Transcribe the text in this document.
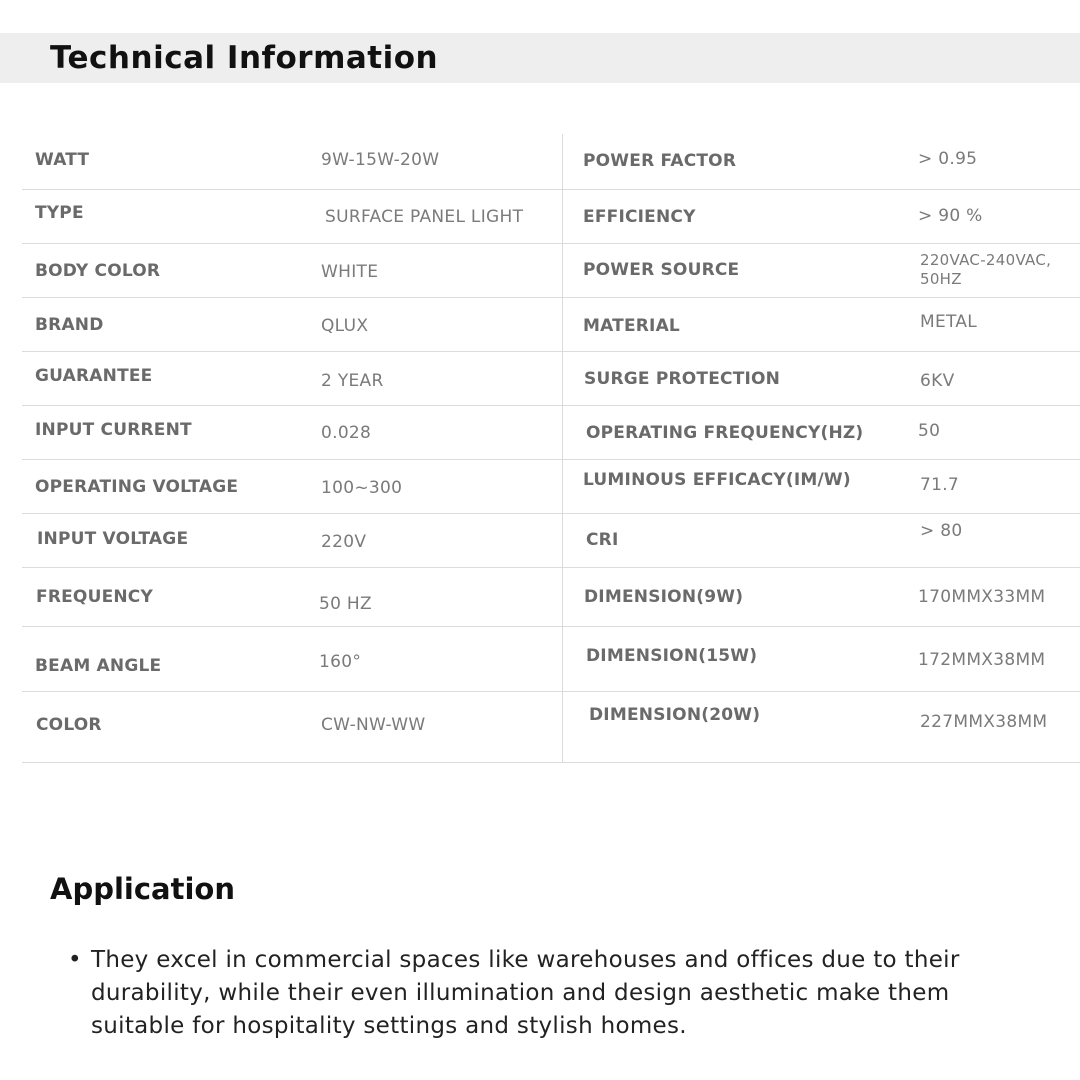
Technical Information
WATT	9W-15W-20W	POWER FACTOR	> 0.95
TYPE	SURFACE PANEL LIGHT	EFFICIENCY	> 90 %
BODY COLOR	WHITE	POWER SOURCE	220VAC-240VAC, 50HZ
BRAND	QLUX	MATERIAL	METAL
GUARANTEE	2 YEAR	SURGE PROTECTION	6KV
INPUT CURRENT	0.028	OPERATING FREQUENCY(HZ)	50
OPERATING VOLTAGE	100~300	LUMINOUS EFFICACY(IM/W)	71.7
INPUT VOLTAGE	220V	CRI	> 80
FREQUENCY	50 HZ	DIMENSION(9W)	170MMX33MM
BEAM ANGLE	160°	DIMENSION(15W)	172MMX38MM
COLOR	CW-NW-WW	DIMENSION(20W)	227MMX38MM
Application
• They excel in commercial spaces like warehouses and offices due to their durability, while their even illumination and design aesthetic make them suitable for hospitality settings and stylish homes.
